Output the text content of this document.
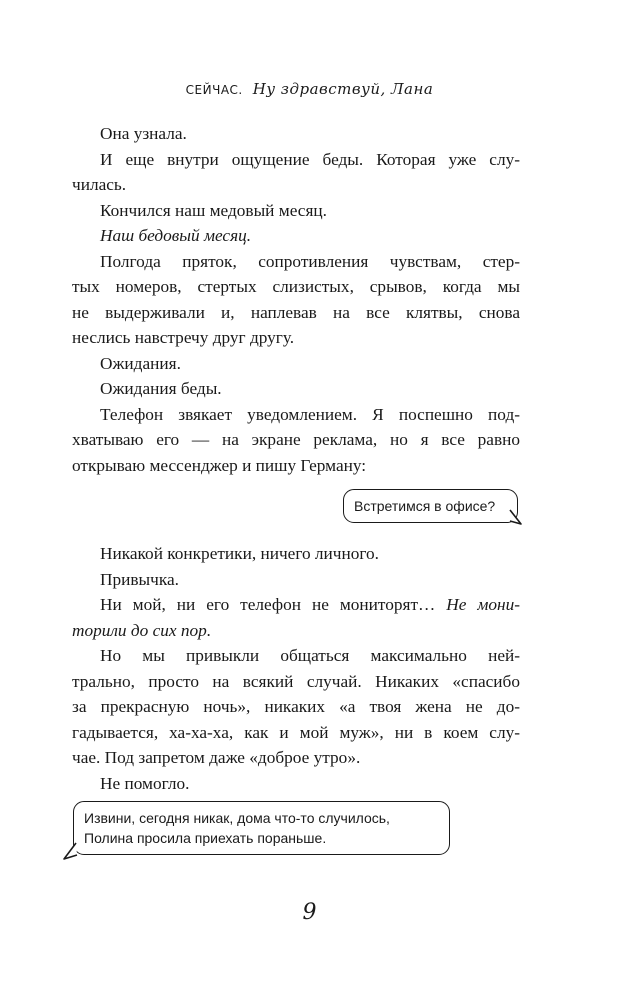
СЕЙЧАС. Ну здравствуй, Лана
Она узнала.
И еще внутри ощущение беды. Которая уже слу-
чилась.
Кончился наш медовый месяц.
Наш бедовый месяц.
Полгода пряток, сопротивления чувствам, стер-
тых номеров, стертых слизистых, срывов, когда мы
не выдерживали и, наплевав на все клятвы, снова
неслись навстречу друг другу.
Ожидания.
Ожидания беды.
Телефон звякает уведомлением. Я поспешно под-
хватываю его — на экране реклама, но я все равно
открываю мессенджер и пишу Герману:
Встретимся в офисе?
Никакой конкретики, ничего личного.
Привычка.
Ни мой, ни его телефон не мониторят… Не мони-
торили до сих пор.
Но мы привыкли общаться максимально ней-
трально, просто на всякий случай. Никаких «спасибо
за прекрасную ночь», никаких «а твоя жена не до-
гадывается, ха-ха-ха, как и мой муж», ни в коем слу-
чае. Под запретом даже «доброе утро».
Не помогло.
Извини, сегодня никак, дома что-то случилось,
Полина просила приехать пораньше.
9
